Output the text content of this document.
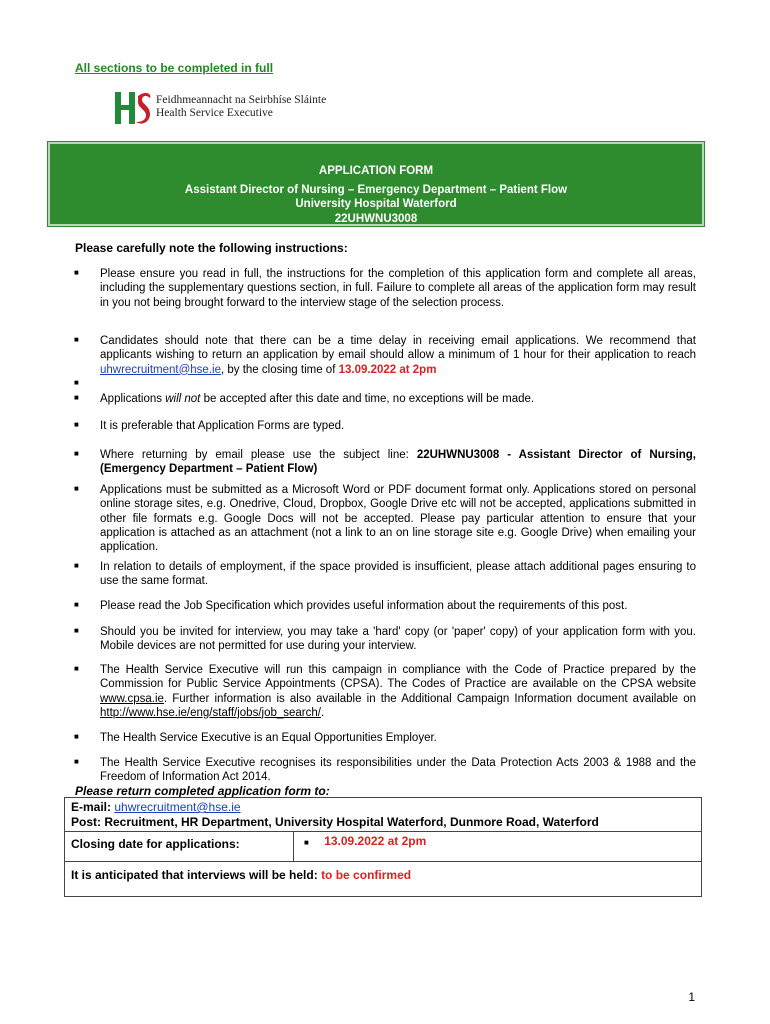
All sections to be completed in full
Feidhmeannacht na Seirbhíse Sláinte
Health Service Executive
APPLICATION FORM
Assistant Director of Nursing – Emergency Department – Patient Flow
University Hospital Waterford
22UHWNU3008
Please carefully note the following instructions:
■ Please ensure you read in full, the instructions for the completion of this application form and complete all areas, including the supplementary questions section, in full. Failure to complete all areas of the application form may result in you not being brought forward to the interview stage of the selection process.
■ Candidates should note that there can be a time delay in receiving email applications. We recommend that applicants wishing to return an application by email should allow a minimum of 1 hour for their application to reach uhwrecruitment@hse.ie, by the closing time of 13.09.2022 at 2pm
■
■ Applications will not be accepted after this date and time, no exceptions will be made.
■ It is preferable that Application Forms are typed.
■ Where returning by email please use the subject line: 22UHWNU3008 - Assistant Director of Nursing, (Emergency Department – Patient Flow)
■ Applications must be submitted as a Microsoft Word or PDF document format only. Applications stored on personal online storage sites, e.g. Onedrive, Cloud, Dropbox, Google Drive etc will not be accepted, applications submitted in other file formats e.g. Google Docs will not be accepted. Please pay particular attention to ensure that your application is attached as an attachment (not a link to an on line storage site e.g. Google Drive) when emailing your application.
■ In relation to details of employment, if the space provided is insufficient, please attach additional pages ensuring to use the same format.
■ Please read the Job Specification which provides useful information about the requirements of this post.
■ Should you be invited for interview, you may take a 'hard' copy (or 'paper' copy) of your application form with you. Mobile devices are not permitted for use during your interview.
■ The Health Service Executive will run this campaign in compliance with the Code of Practice prepared by the Commission for Public Service Appointments (CPSA). The Codes of Practice are available on the CPSA website www.cpsa.ie. Further information is also available in the Additional Campaign Information document available on http://www.hse.ie/eng/staff/jobs/job_search/.
■ The Health Service Executive is an Equal Opportunities Employer.
■ The Health Service Executive recognises its responsibilities under the Data Protection Acts 2003 & 1988 and the Freedom of Information Act 2014.
Please return completed application form to:
E-mail: uhwrecruitment@hse.ie
Post: Recruitment, HR Department, University Hospital Waterford, Dunmore Road, Waterford
Closing date for applications:	■ 13.09.2022 at 2pm
It is anticipated that interviews will be held: to be confirmed
1
